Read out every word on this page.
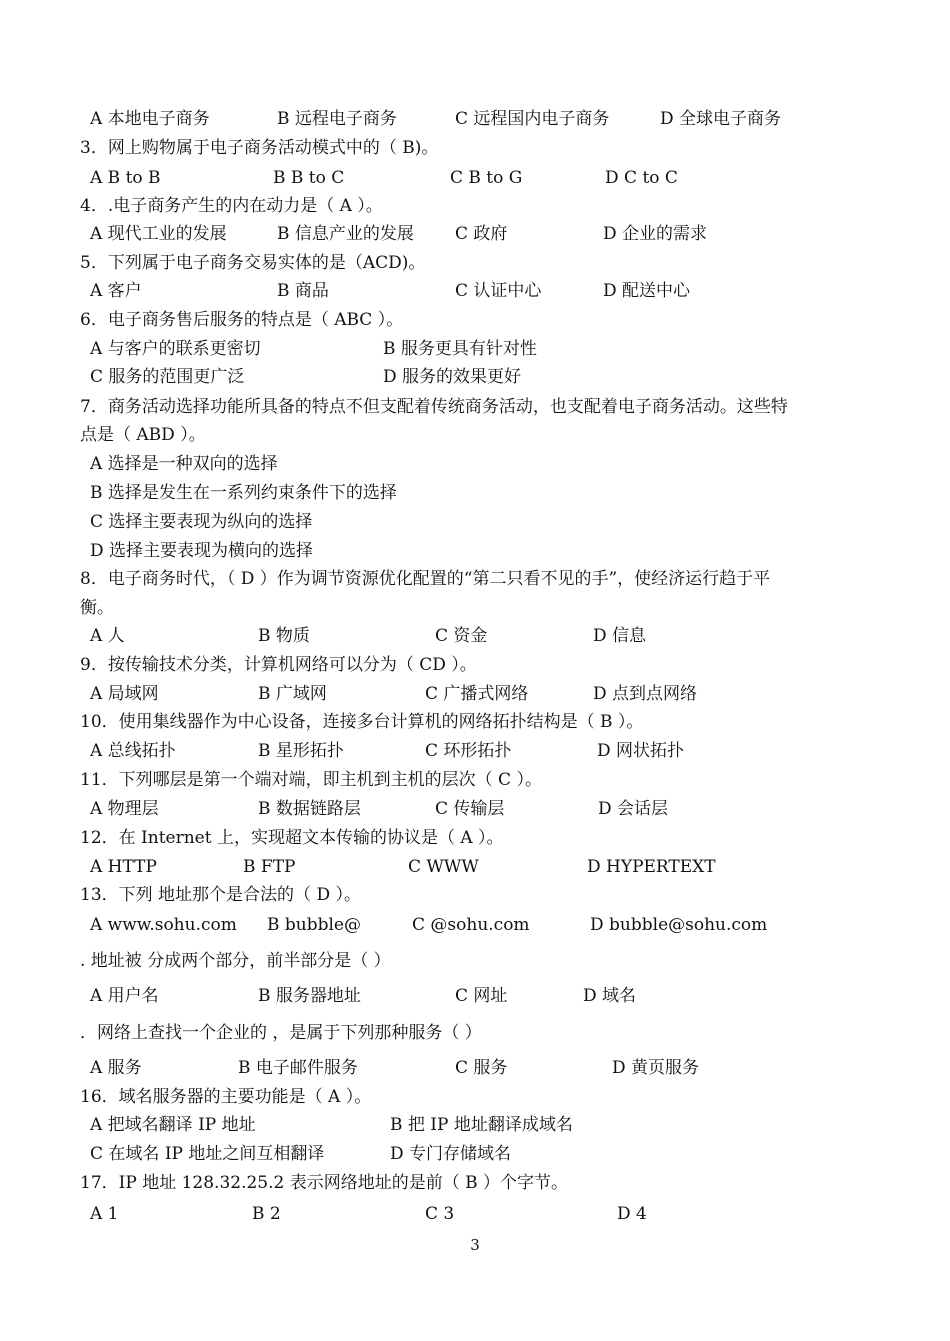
A 本地电子商务	B 远程电子商务	C 远程国内电子商务	D 全球电子商务
3．网上购物属于电子商务活动模式中的（ B)。
A B to B	B B to C	C B to G	D C to C
4．.电子商务产生的内在动力是（ A ）。
A 现代工业的发展	B 信息产业的发展 C 政府	D 企业的需求
5．下列属于电子商务交易实体的是（ACD)。
A 客户	B 商品	C 认证中心	D 配送中心
6．电子商务售后服务的特点是（ ABC ）。
A 与客户的联系更密切	B 服务更具有针对性
C 服务的范围更广泛	D 服务的效果更好
7．商务活动选择功能所具备的特点不但支配着传统商务活动，也支配着电子商务活动。这些特
点是（ ABD ）。
A 选择是一种双向的选择
B 选择是发生在一系列约束条件下的选择
C 选择主要表现为纵向的选择
D 选择主要表现为横向的选择
8．电子商务时代，（ D ）作为调节资源优化配置的“第二只看不见的手”，使经济运行趋于平
衡。
A 人	B 物质	C 资金	D 信息
9．按传输技术分类，计算机网络可以分为（ CD ）。
A 局域网	B 广域网	C 广播式网络	D 点到点网络
10．使用集线器作为中心设备，连接多台计算机的网络拓扑结构是（ B ）。
A 总线拓扑	B 星形拓扑	C 环形拓扑	D 网状拓扑
11．下列哪层是第一个端对端，即主机到主机的层次（ C ）。
A 物理层	B 数据链路层	C 传输层	D 会话层
12．在 Internet 上，实现超文本传输的协议是（ A ）。
A HTTP	B FTP	C WWW	D HYPERTEXT
13．下列 地址那个是合法的（ D ）。
A www.sohu.com B bubble@	C @sohu.com	D bubble@sohu.com
. 地址被 分成两个部分，前半部分是（ ）
A 用户名	B 服务器地址	C 网址	D 域名
．网络上查找一个企业的 ，是属于下列那种服务（ ）
A 服务	B 电子邮件服务	C 服务	D 黄页服务
16．域名服务器的主要功能是（ A ）。
A 把域名翻译 IP 地址	B 把 IP 地址翻译成域名
C 在域名 IP 地址之间互相翻译	D 专门存储域名
17．IP 地址 128.32.25.2 表示网络地址的是前（ B ）个字节。
A 1	B 2	C 3	D 4
3
